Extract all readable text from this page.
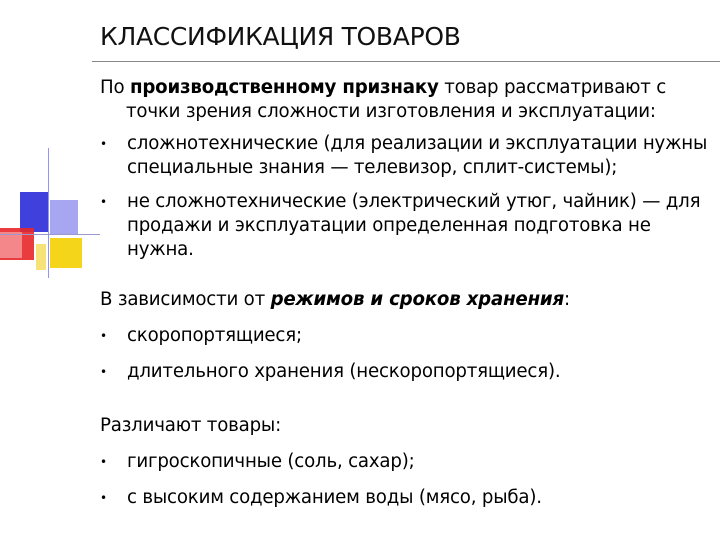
КЛАССИФИКАЦИЯ ТОВАРОВ

По производственному признаку товар рассматривают с точки зрения сложности изготовления и эксплуатации:

• сложнотехнические (для реализации и эксплуатации нужны специальные знания — телевизор, сплит-системы);
• не сложнотехнические (электрический утюг, чайник) — для продажи и эксплуатации определенная подготовка не нужна.

В зависимости от режимов и сроков хранения:

• скоропортящиеся;
• длительного хранения (нескоропортящиеся).

Различают товары:

• гигроскопичные (соль, сахар);
• с высоким содержанием воды (мясо, рыба).
